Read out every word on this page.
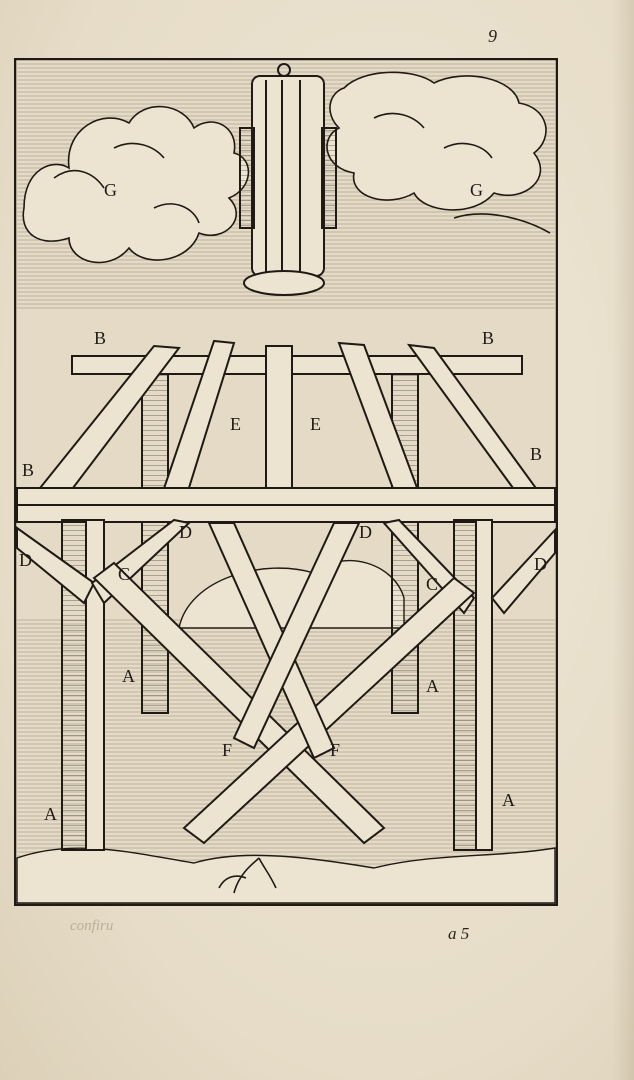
9
confiru	a 5
G	G
B	B
B
B
E	E
D
D	D
D
C	C
A	A
A
A
F	F
